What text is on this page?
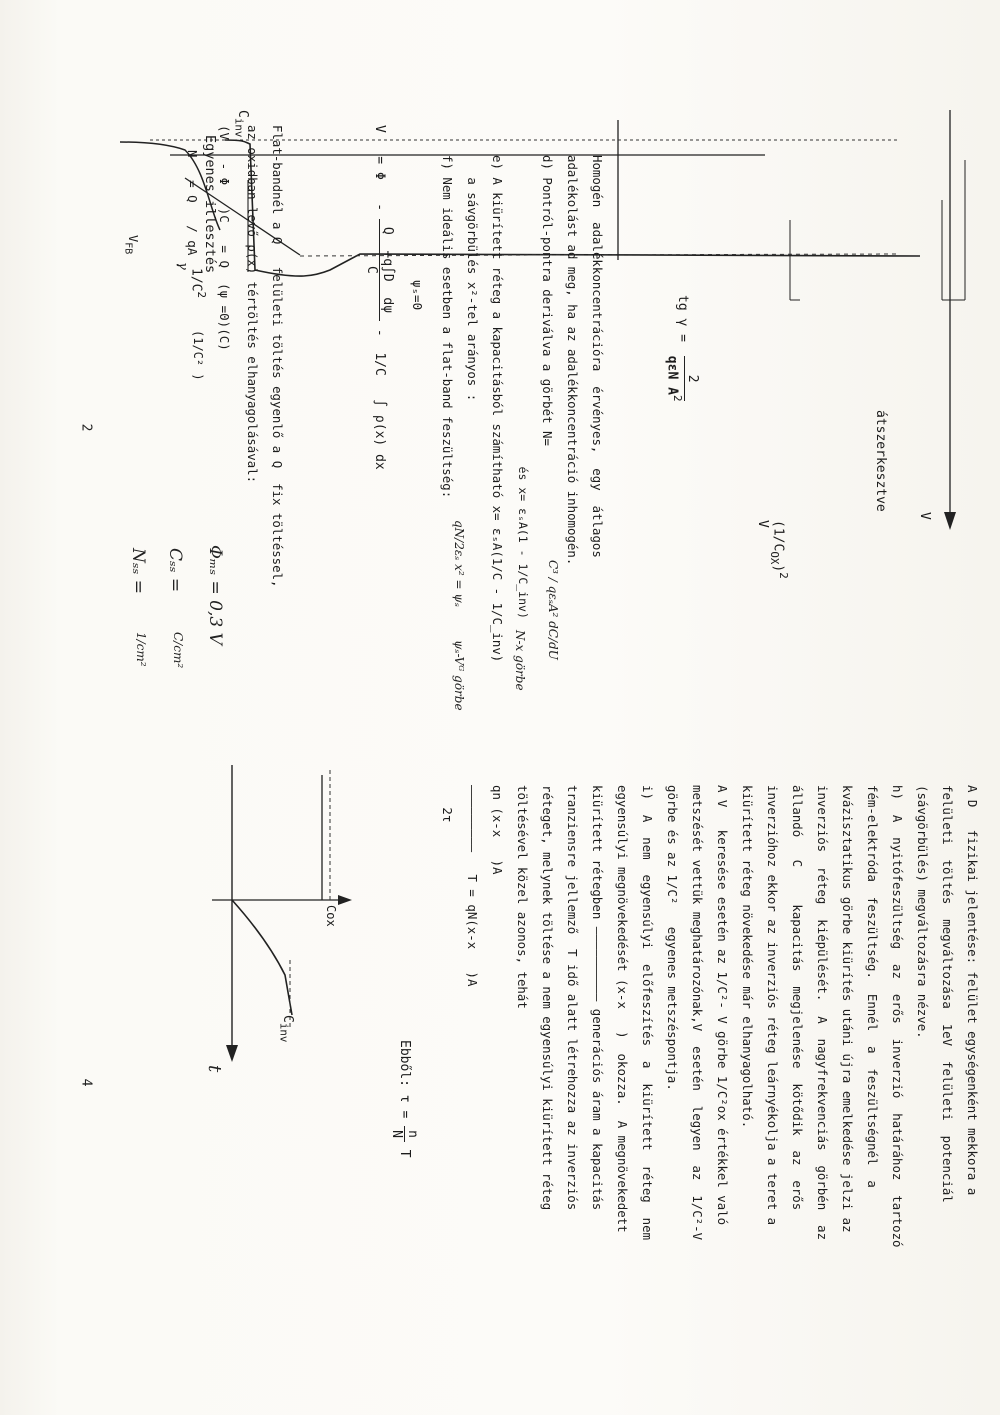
$C_{inv}$
Egyenes illesztés
$1/C^2$
V
$V_{FB}$
γ
átszerkesztve
$(1/C_{OX})^2$
V
tg γ =
2
qεN $A^2$

Homogén  adalékkoncentrációra  érvényes,  egy  átlagos

adalékolást ad meg, ha az adalékkoncentráció inhomogén.

d) Pontról-pontra deriválva a görbét N=

és x= εₛA(1 - 1/C_inv)

e) A kiürített réteg a kapacitásból számítható x= εₛA(1/C - 1/C_inv)

a sávgörbülés x²-tel arányos :

f) Nem ideális esetben a flat-band feszültség:

C³ / qεₛA² dC/dU
N-x görbe
qN/2εₛ x² = ψₛ
ψₛ-Vᴳ görbe
ψₛ=0
V   = Φ   -
Q  +q∫D  dψ
C
-  1/C   ∫ ρ(x) dx

Flat-bandnél a Q   felületi töltés egyenlő a Q  fix töltéssel,

az oxidban levő ρ(x) tértöltés elhanyagolásával:

(V   - Φ   )C   = Q  (ψ =0)(C)
N   = Q   / qA
(1/C² )
Φₘₛ = 0,3 V
Cₛₛ =
C/cm²
Nₛₛ =
1/cm²
2

A D   fizikai jelentése: felület egységenként mekkora a

felületi  töltés  megváltozása  1eV  felületi  potenciál

(sávgörbülés) megváltozásra nézve.

h)  A  nyitófeszültség  az  erős  inverzió  határához  tartozó

fém-elektróda  feszültség.  Ennél  a  feszültségnél  a

kvázisztatikus görbe kiürítés utáni újra emelkedése jelzi az

inverziós  réteg  kiépülését.  A  nagyfrekvenciás  görbén  az

állandó   C     kapacitás  megjelenése  kötődik  az  erős

inverzióhoz ekkor az inverziós réteg leárnyékolja a teret a

kiürített réteg növekedése már elhanyagolható.

A V   keresése esetén az 1/C²- V görbe 1/C²ox értékkel való

metszését vettük meghatározónak,V  esetén  legyen  az  1/C²-V

görbe és az 1/C²   egyenes metszéspontja.

i)  A  nem  egyensúlyi  előfeszítés  a  kiürített  réteg  nem

egyensúlyi megnövekedését (x-x   )  okozza.  A megnövekedett

kiürített rétegben —————————— generációs áram a kapacitás

tranziensre jellemző  T idő alatt létrehozza az inverziós

réteget, melynek töltése a nem egyensúlyi kiürített réteg

töltésével közel azonos, tehát

qn (x-x   )A

—————————   T = qN(x-x   )A

2τ

Ebből: τ =
n
N
T
Cox
$C_{inv}$
t
4
